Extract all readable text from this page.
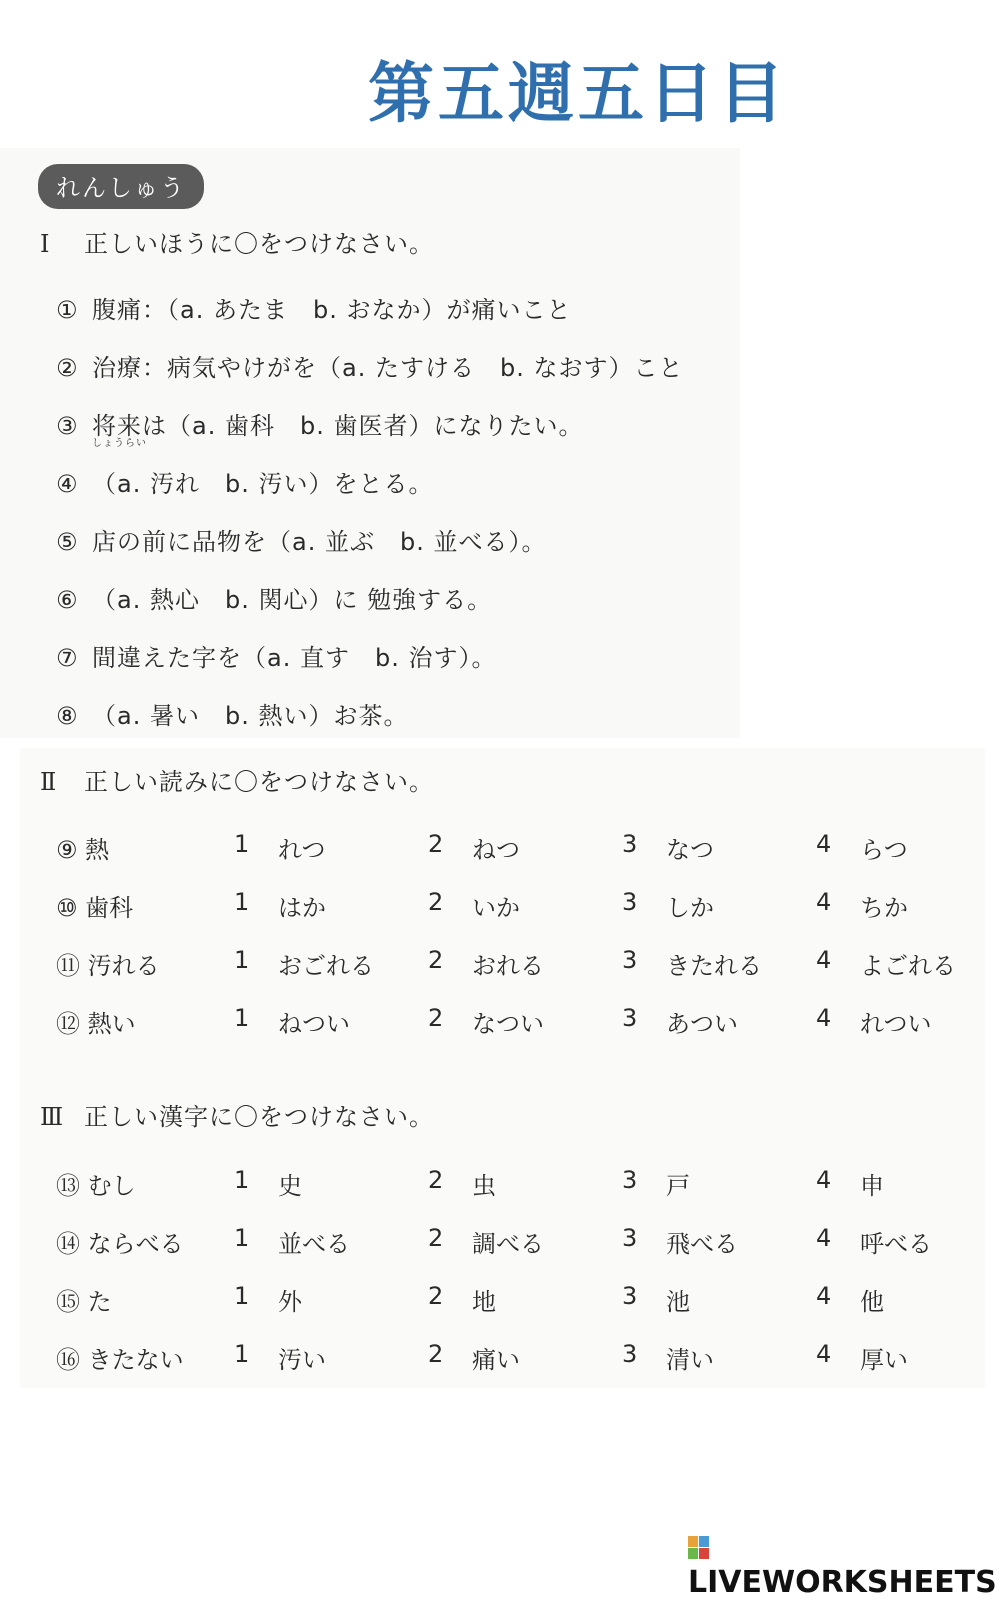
第五週五日目
れんしゅう
I 正しいほうに〇をつけなさい。
① 腹痛：（a. あたま　b. おなか）が痛いこと
② 治療：病気やけがを（a. たすける　b. なおす）こと
③ 将来は（a. 歯科　b. 歯医者）になりたい。
しょうらい
④ （a. 汚れ　b. 汚い）をとる。
⑤ 店の前に品物を（a. 並ぶ　b. 並べる）。
⑥ （a. 熱心　b. 関心）に 勉強する。
⑦ 間違えた字を（a. 直す　b. 治す）。
⑧ （a. 暑い　b. 熱い）お茶。
Ⅱ 正しい読みに〇をつけなさい。
⑨ 熱	1 れつ	2 ねつ	3 なつ	4 らつ
⑩ 歯科	1 はか	2 いか	3 しか	4 ちか
⑪ 汚れる	1 おごれる 2 おれる	3 きたれる 4 よごれる
⑫ 熱い	1 ねつい	2 なつい	3 あつい	4 れつい
Ⅲ 正しい漢字に〇をつけなさい。
⑬ むし	1 史	2 虫	3 戸	4 申
⑭ ならべる 1 並べる	2 調べる	3 飛べる	4 呼べる
⑮ た	1 外	2 地	3 池	4 他
⑯ きたない 1 汚い	2 痛い	3 清い	4 厚い
LIVEWORKSHEETS
